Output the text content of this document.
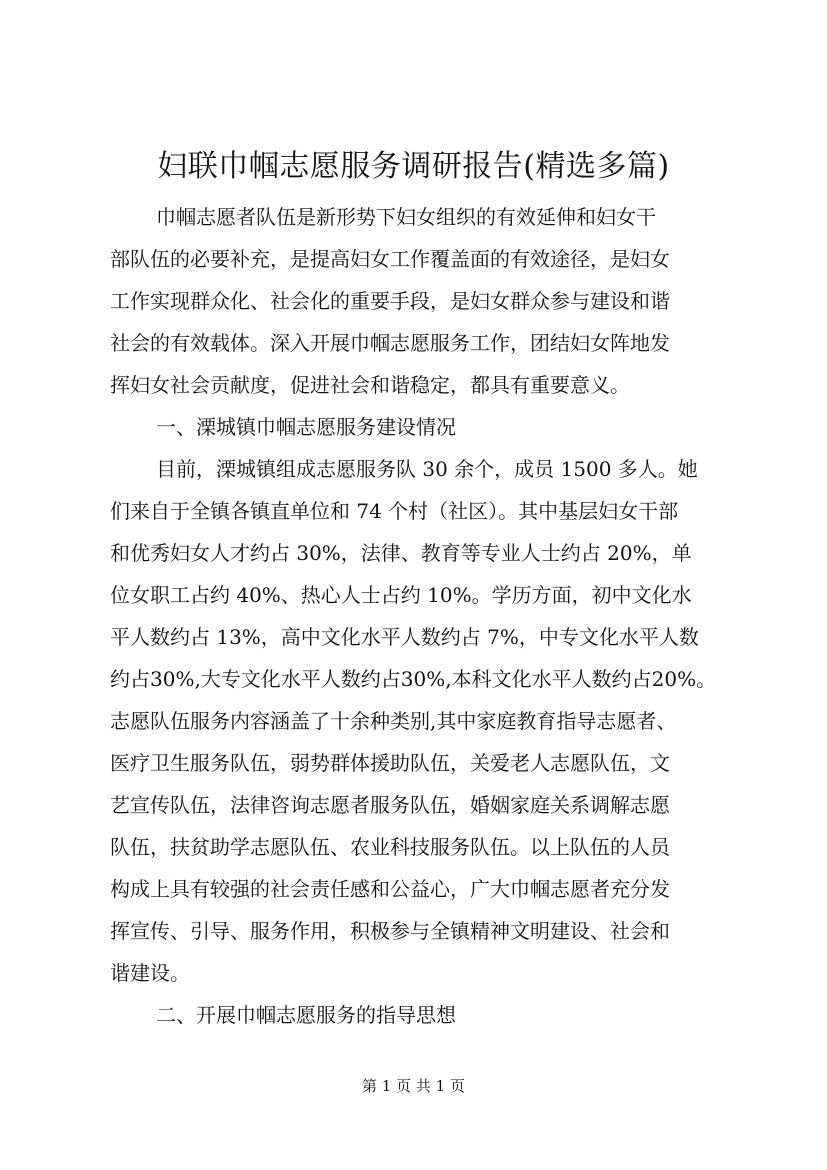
妇联巾帼志愿服务调研报告(精选多篇)
巾帼志愿者队伍是新形势下妇女组织的有效延伸和妇女干
部队伍的必要补充，是提高妇女工作覆盖面的有效途径，是妇女
工作实现群众化、社会化的重要手段，是妇女群众参与建设和谐
社会的有效载体。深入开展巾帼志愿服务工作，团结妇女阵地发
挥妇女社会贡献度，促进社会和谐稳定，都具有重要意义。
一、溧城镇巾帼志愿服务建设情况
目前，溧城镇组成志愿服务队 30 余个，成员 1500 多人。她
们来自于全镇各镇直单位和 74 个村（社区）。其中基层妇女干部
和优秀妇女人才约占 30%，法律、教育等专业人士约占 20%，单
位女职工占约 40%、热心人士占约 10%。学历方面，初中文化水
平人数约占 13%，高中文化水平人数约占 7%，中专文化水平人数
约占30%,大专文化水平人数约占30%,本科文化水平人数约占20%。
志愿队伍服务内容涵盖了十余种类别,其中家庭教育指导志愿者、
医疗卫生服务队伍，弱势群体援助队伍，关爱老人志愿队伍，文
艺宣传队伍，法律咨询志愿者服务队伍，婚姻家庭关系调解志愿
队伍，扶贫助学志愿队伍、农业科技服务队伍。以上队伍的人员
构成上具有较强的社会责任感和公益心，广大巾帼志愿者充分发
挥宣传、引导、服务作用，积极参与全镇精神文明建设、社会和
谐建设。
二、开展巾帼志愿服务的指导思想
第 1 页 共 1 页
